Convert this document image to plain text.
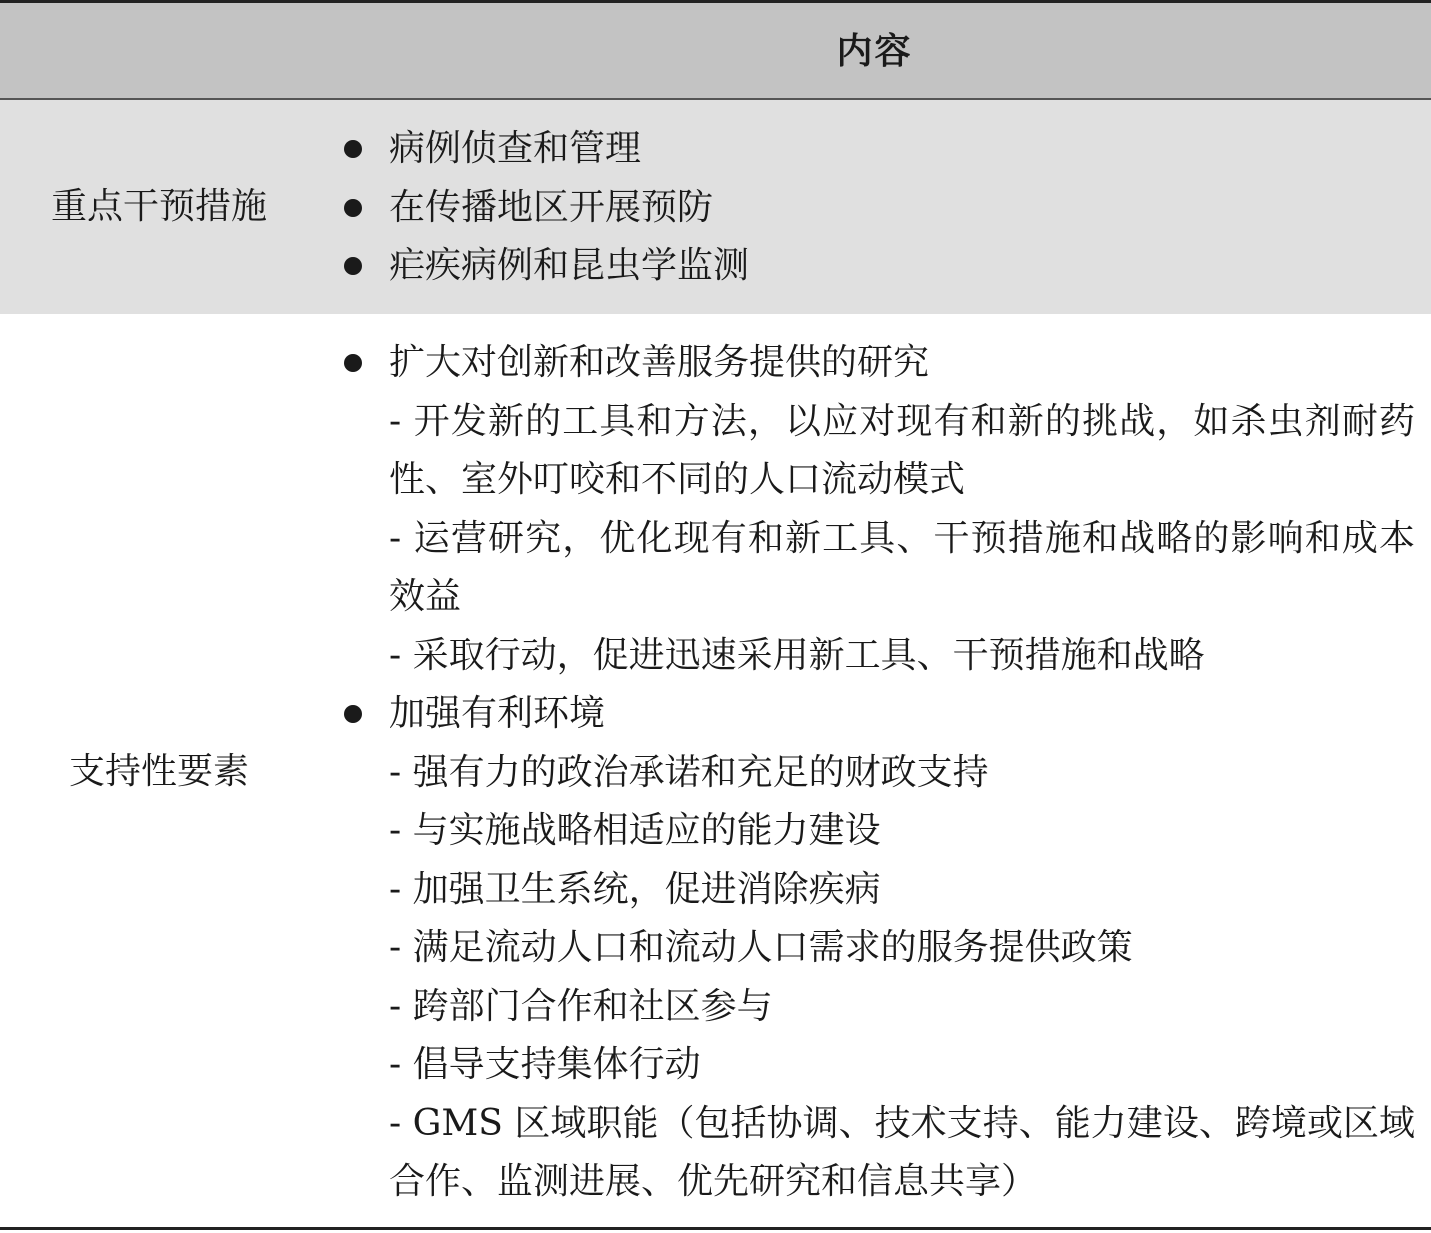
内容
重点干预措施
病例侦查和管理
在传播地区开展预防
疟疾病例和昆虫学监测
支持性要素
扩大对创新和改善服务提供的研究
- 开发新的工具和方法，以应对现有和新的挑战，如杀虫剂耐药性、室外叮咬和不同的人口流动模式
- 运营研究，优化现有和新工具、干预措施和战略的影响和成本效益
- 采取行动，促进迅速采用新工具、干预措施和战略
加强有利环境
- 强有力的政治承诺和充足的财政支持
- 与实施战略相适应的能力建设
- 加强卫生系统，促进消除疾病
- 满足流动人口和流动人口需求的服务提供政策
- 跨部门合作和社区参与
- 倡导支持集体行动
- GMS 区域职能（包括协调、技术支持、能力建设、跨境或区域合作、监测进展、优先研究和信息共享）
